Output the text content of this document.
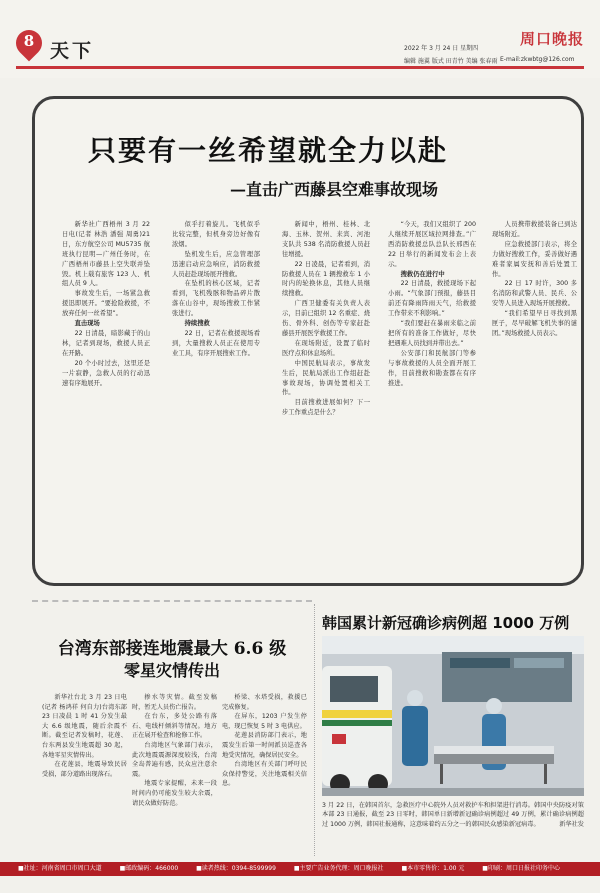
8 天下	2022 年 3 月 24 日 星期四
编辑 施翼 版式 田青竹 美编 张春雨 E-mail:zkwbtg@126.com
周口晚报
只要有一丝希望就全力以赴
—直击广西藤县空难事故现场

新华社广西梧州 3 月 22 日电(记者 林浩 潘强 周勇)21 日，东方航空公司 MU5735 航班执行昆明—广州任务时，在广西梧州市藤县上空失联并坠毁。机上载有旅客 123 人、机组人员 9 人。

事故发生后，一场紧急救援迅即展开。“要抢险救援，不放弃任何一丝希望”。

直击现场

22 日清晨，暗影藏于的山林，记者到现场，救援人员正在开路。

20 个小时过去，这里还是一片寂静，急救人员的行动迅速有序地展开。

似乎打着旋儿。飞机似乎比较完整，但机身旁边好像有浓烟。

坠机发生后，应急管理部迅速启动应急响应，消防救援人员赶赴现场展开搜救。

在坠机的核心区域，记者看到，飞机残骸和物品碎片散落在山谷中，现场搜救工作紧张进行。

持续搜救

22 日，记者在救援现场看到，大量搜救人员正在使用专业工具，有序开展搜索工作。

新闻中，梧州、桂林、北海、玉林、贺州、来宾、河池支队共 538 名消防救援人员赶往增援。

22 日凌晨，记者看到，消防救援人员在 1 辆搜救车 1 小时内的轮换休息，其他人员继续搜救。

广西卫健委有关负责人表示，目前已组织 12 名重症、烧伤、骨外科、创伤等专家赶赴藤县开展医学救援工作。

在现场附近，设置了临时医疗点和休息场所。

中国民航局表示，事故发生后，民航局派出工作组赶赴事故现场，协调处置相关工作。

目前搜救进展如何？下一步工作重点是什么？

“今天，我们又组织了 200 人继续开展区域拉网排查。”广西消防救援总队总队长邢西在 22 日举行的新闻发布会上表示。

搜救仍在进行中

22 日清晨，救援现场下起小雨。“气象部门预报，藤县目前还有降雨阵雨天气，给救援工作带来不利影响。”

“我们要赶在暴雨来临之前把所有的准备工作做好，尽快把遇难人员找到并带出去。”

公安部门和民航部门等参与事故救援的人员全面开展工作，目前搜救和勘查都在有序推进。

人员携带救援装备已到达现场附近。

应急救援部门表示，将全力做好搜救工作，妥善做好遇难者家属安抚和善后处置工作。

22 日 17 时许，300 多名消防和武警人员、民兵、公安等人员进入现场开展搜救。

“我们希望早日寻找到黑匣子，尽早破解飞机失事的谜团。”现场救援人员表示。

台湾东部接连地震最大 6.6 级
零星灾情传出

新华社台北 3 月 23 日电(记者 杨鸿祥 何自力)台湾东部 23 日凌晨 1 时 41 分发生最大 6.6 级地震，随后余震不断。截至记者发稿时，花莲、台东两县发生地震超 30 起，各地零星灾情传出。

在花莲县，地震导致民居受损，部分道路出现落石。

掺水等灾情。截至发稿时，暂无人员伤亡报告。

在台东，多处公路有落石、电线杆倾斜等情况。地方正在展开检查和抢修工作。

台湾地区气象部门表示，此次地震震源深度较浅，台湾全岛普遍有感，民众应注意余震。

地震专家提醒，未来一段时间内仍可能发生较大余震，请民众做好防范。

桥梁、水塔受损，救援已完成修复。

在屏东，1203 户发生停电，现已恢复 5 时 3 电供应。

花莲县消防部门表示，地震发生后第一时间派员巡查各地受灾情况，确保居民安全。

台湾地区有关部门呼吁民众保持警觉，关注地震相关信息。

韩国累计新冠确诊病例超 1000 万例
3 月 22 日，在韩国首尔，急救医疗中心院外人员对救护车和担架进行消毒。韩国中央防疫对策本部 23 日通报，截至 23 日零时，韩国单日新增新冠确诊病例超过 49 万例，累计确诊病例超过 1000 万例，韩国社报通称，这意味着约五分之一的韩国民众感染新冠病毒。	新华社发
■社址：河南省周口市周口大道	■邮政编码：466000	■读者热线：0394-8599999	■主要广告业务代理：周口晚报社	■本市零售价：1.00 元	■印刷：周口日报社印务中心
